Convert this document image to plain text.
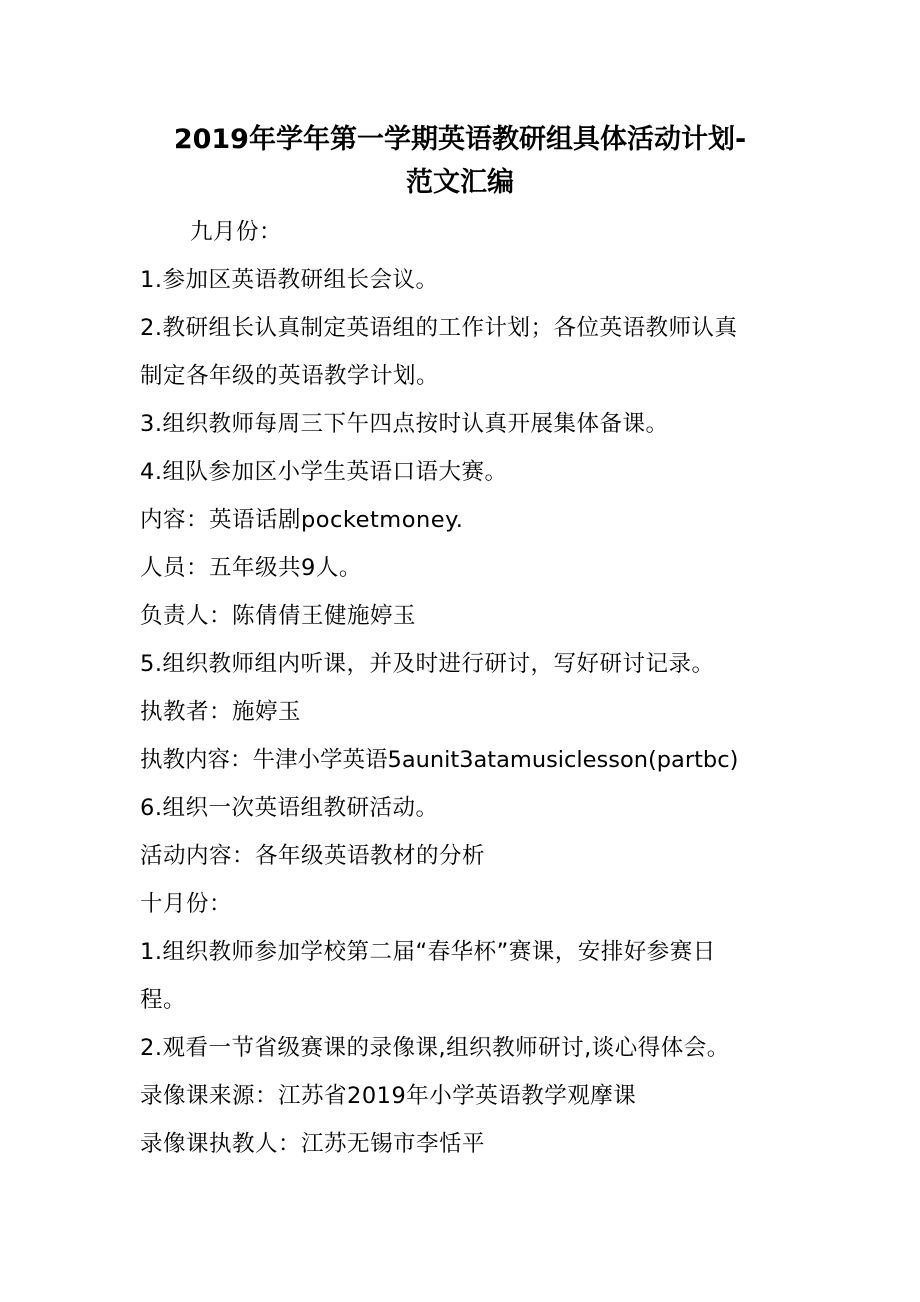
2019年学年第一学期英语教研组具体活动计划-
范文汇编
九月份：
1.参加区英语教研组长会议。
2.教研组长认真制定英语组的工作计划；各位英语教师认真
制定各年级的英语教学计划。
3.组织教师每周三下午四点按时认真开展集体备课。
4.组队参加区小学生英语口语大赛。
内容：英语话剧pocketmoney.
人员：五年级共9人。
负责人：陈倩倩王健施婷玉
5.组织教师组内听课，并及时进行研讨，写好研讨记录。
执教者：施婷玉
执教内容：牛津小学英语5aunit3atamusiclesson(partbc)
6.组织一次英语组教研活动。
活动内容：各年级英语教材的分析
十月份：
1.组织教师参加学校第二届“春华杯”赛课，安排好参赛日
程。
2.观看一节省级赛课的录像课,组织教师研讨,谈心得体会。
录像课来源：江苏省2019年小学英语教学观摩课
录像课执教人：江苏无锡市李恬平
